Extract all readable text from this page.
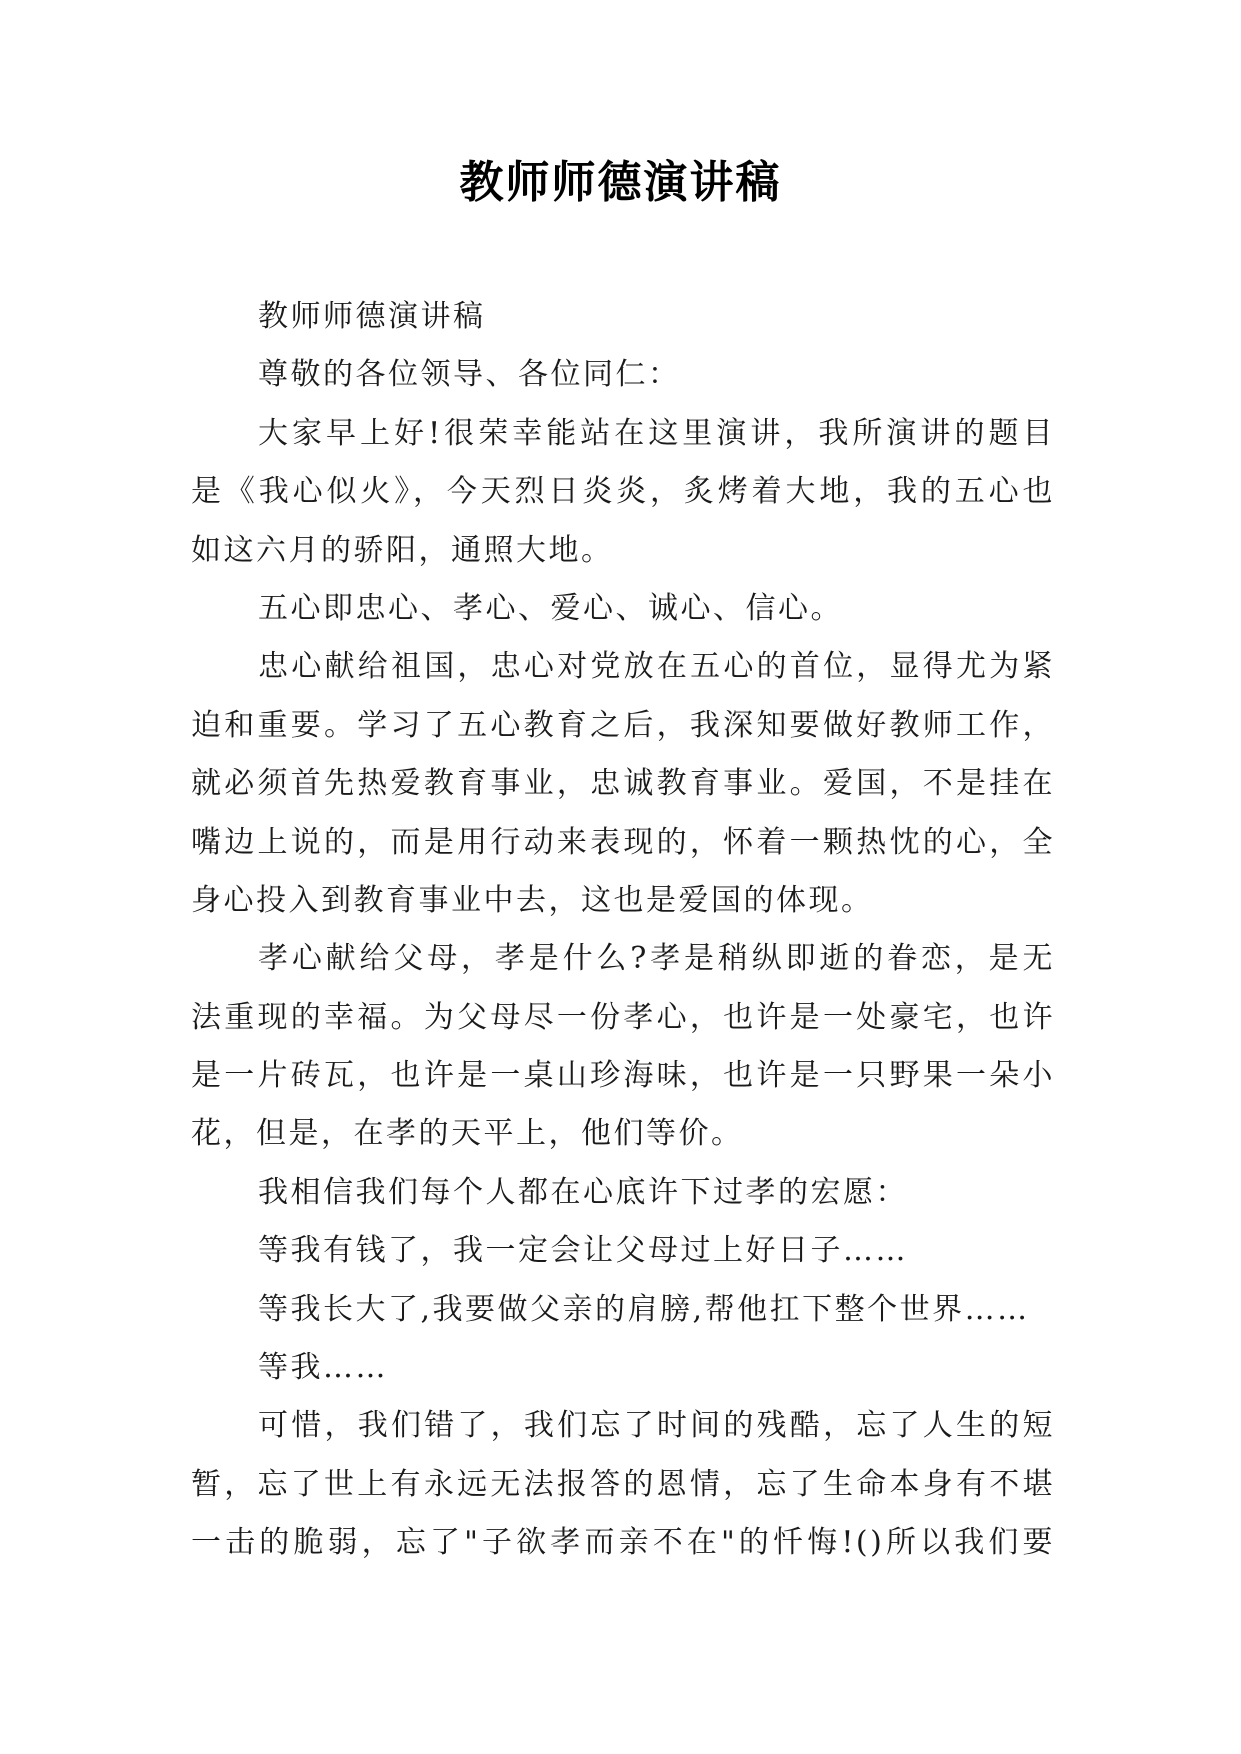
教师师德演讲稿
教师师德演讲稿
尊敬的各位领导、各位同仁：
大家早上好!很荣幸能站在这里演讲，我所演讲的题目
是《我心似火》，今天烈日炎炎，炙烤着大地，我的五心也
如这六月的骄阳，通照大地。
五心即忠心、孝心、爱心、诚心、信心。
忠心献给祖国，忠心对党放在五心的首位，显得尤为紧
迫和重要。学习了五心教育之后，我深知要做好教师工作，
就必须首先热爱教育事业，忠诚教育事业。爱国，不是挂在
嘴边上说的，而是用行动来表现的，怀着一颗热忱的心，全
身心投入到教育事业中去，这也是爱国的体现。
孝心献给父母，孝是什么?孝是稍纵即逝的眷恋，是无
法重现的幸福。为父母尽一份孝心，也许是一处豪宅，也许
是一片砖瓦，也许是一桌山珍海味，也许是一只野果一朵小
花，但是，在孝的天平上，他们等价。
我相信我们每个人都在心底许下过孝的宏愿：
等我有钱了，我一定会让父母过上好日子……
等我长大了,我要做父亲的肩膀,帮他扛下整个世界……
等我……
可惜，我们错了，我们忘了时间的残酷，忘了人生的短
暂，忘了世上有永远无法报答的恩情，忘了生命本身有不堪
一击的脆弱，忘了"子欲孝而亲不在"的忏悔!()所以我们要
